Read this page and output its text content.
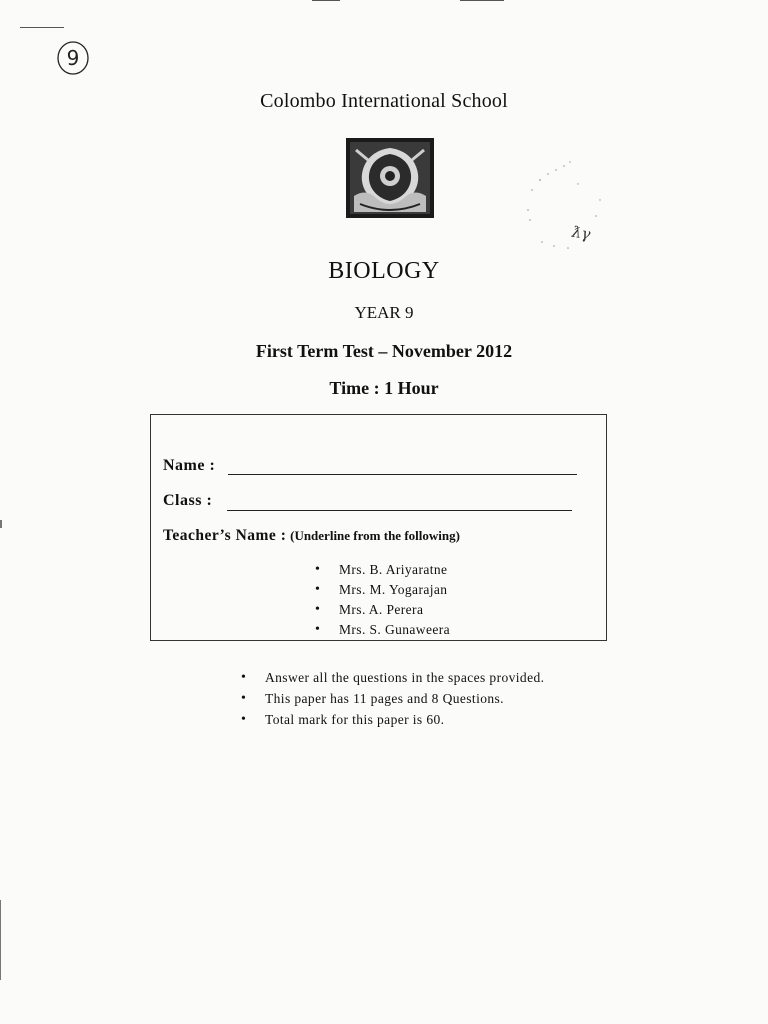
9
Colombo International School
ƛγ
BIOLOGY
YEAR 9
First Term Test – November 2012
Time : 1 Hour
Name :
Class :
Teacher’s Name : (Underline from the following)
• Mrs. B. Ariyaratne
• Mrs. M. Yogarajan
• Mrs. A. Perera
• Mrs. S. Gunaweera
• Answer all the questions in the spaces provided.
• This paper has 11 pages and 8 Questions.
• Total mark for this paper is 60.
